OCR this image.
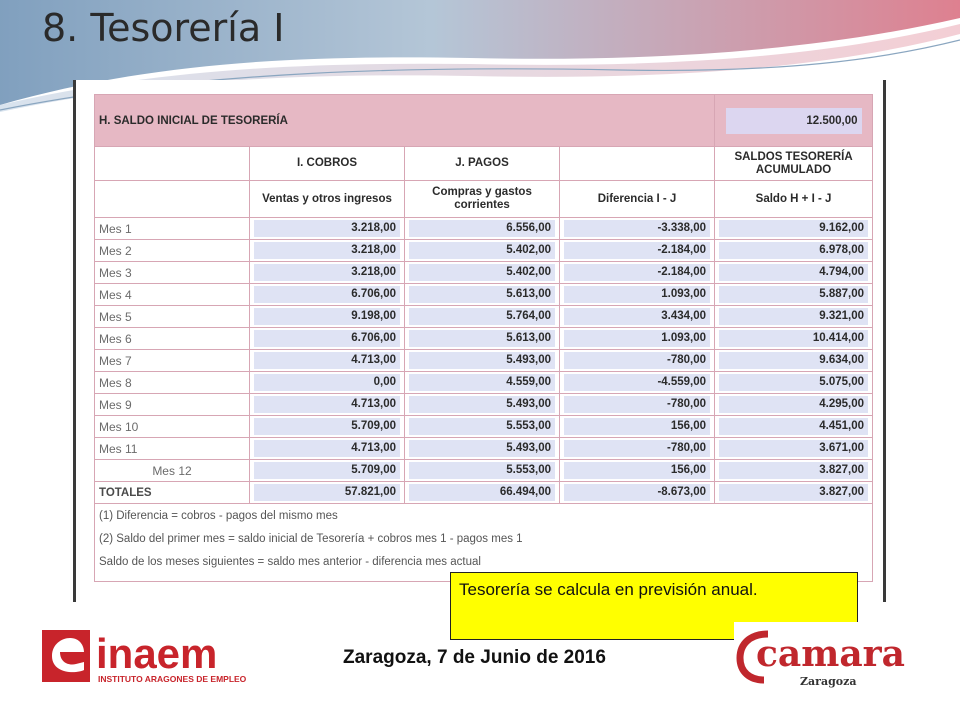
8. Tesorería I
H. SALDO INICIAL DE TESORERÍA				12.500,00
	I. COBROS	J. PAGOS		SALDOS TESORERÍA ACUMULADO
	Ventas y otros ingresos	Compras y gastos corrientes	Diferencia I - J	Saldo H + I - J
Mes 1	3.218,00	6.556,00	-3.338,00	9.162,00

Mes 2	3.218,00	5.402,00	-2.184,00	6.978,00

Mes 3	3.218,00	5.402,00	-2.184,00	4.794,00

Mes 4	6.706,00	5.613,00	1.093,00	5.887,00

Mes 5	9.198,00	5.764,00	3.434,00	9.321,00

Mes 6	6.706,00	5.613,00	1.093,00	10.414,00

Mes 7	4.713,00	5.493,00	-780,00	9.634,00

Mes 8	0,00	4.559,00	-4.559,00	5.075,00

Mes 9	4.713,00	5.493,00	-780,00	4.295,00

Mes 10	5.709,00	5.553,00	156,00	4.451,00

Mes 11	4.713,00	5.493,00	-780,00	3.671,00

Mes 12	5.709,00	5.553,00	156,00	3.827,00

TOTALES	57.821,00	66.494,00	-8.673,00	3.827,00

(1) Diferencia = cobros - pagos del mismo mes
(2) Saldo del primer mes = saldo inicial de Tesorería + cobros mes 1 - pagos mes 1
Saldo de los meses siguientes = saldo mes anterior - diferencia mes actual				
Tesorería se calcula en previsión anual.
inaem
INSTITUTO ARAGONES DE EMPLEO

Zaragoza, 7 de Junio de 2016	camara
Zaragoza
